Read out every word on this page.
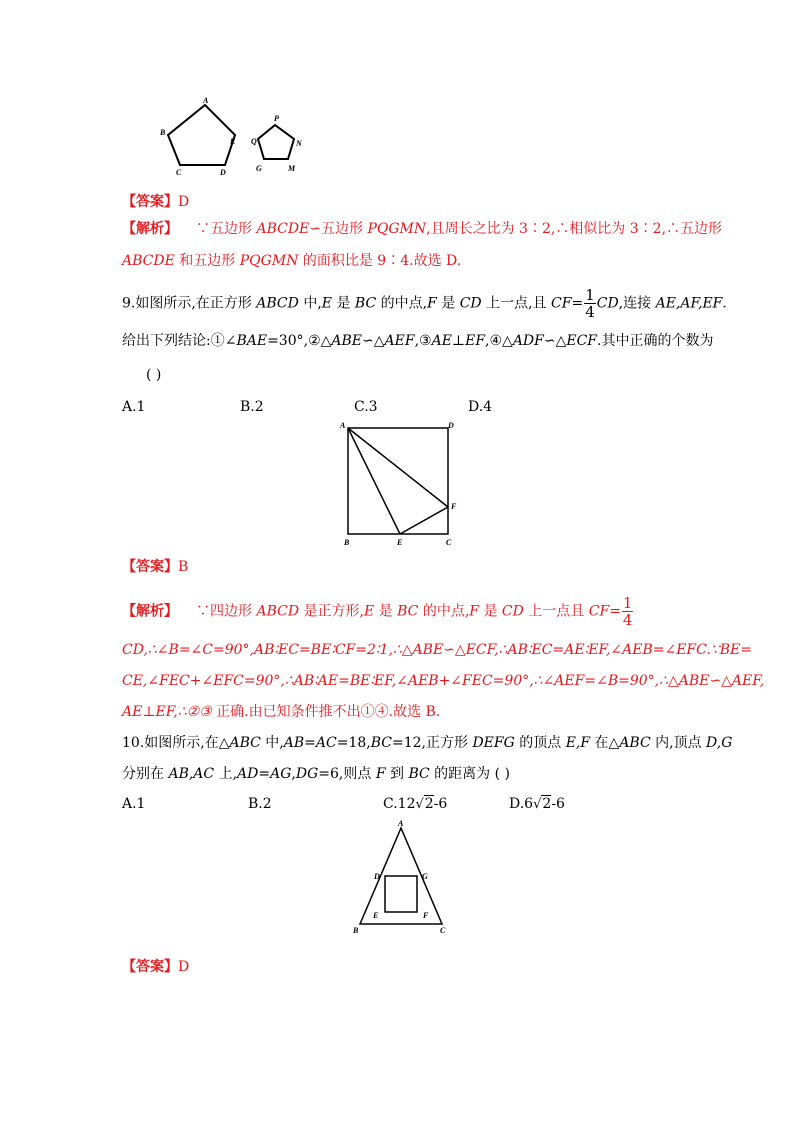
A
B
C	D
E
P
Q	N
G	M
【答案】D
【解析】 ∵五边形 ABCDE∽五边形 PQGMN,且周长之比为 3∶2,∴相似比为 3∶2,∴五边形
ABCDE 和五边形 PQGMN 的面积比是 9∶4.故选 D.
9.如图所示,在正方形 ABCD 中,E 是 BC 的中点,F 是 CD 上一点,且 $CF= \frac{1}{4}$ CD,连接 AE,AF,EF.
给出下列结论:①∠BAE=30°,②△ABE∽△AEF,③AE⊥EF,④△ADF∽△ECF.其中正确的个数为
( )
A.1	B.2	C.3	D.4
A	D
F
B	E	C
【答案】B
【解析】 ∵四边形 ABCD 是正方形,E 是 BC 的中点,F 是 CD 上一点且 $CF= \frac{1}{4}$
CD,∴∠B=∠C=90°,AB∶EC=BE∶CF=2∶1,∴△ABE∽△ECF,∴AB∶EC=AE∶EF,∠AEB=∠EFC.∵BE=
CE,∠FEC+∠EFC=90°,∴AB∶AE=BE∶EF,∠AEB+∠FEC=90°,∴∠AEF=∠B=90°,∴△ABE∽△AEF,
AE⊥EF,∴②③ 正确.由已知条件推不出①④.故选 B.
10.如图所示,在△ABC 中,AB=AC=18,BC=12,正方形 DEFG 的顶点 E,F 在△ABC 内,顶点 D,G
分别在 AB,AC 上,AD=AG,DG=6,则点 F 到 BC 的距离为 ( )
A.1	B.2	C.12√2-6	D.6√2-6
A
D	G
E	F
B	C
【答案】D
